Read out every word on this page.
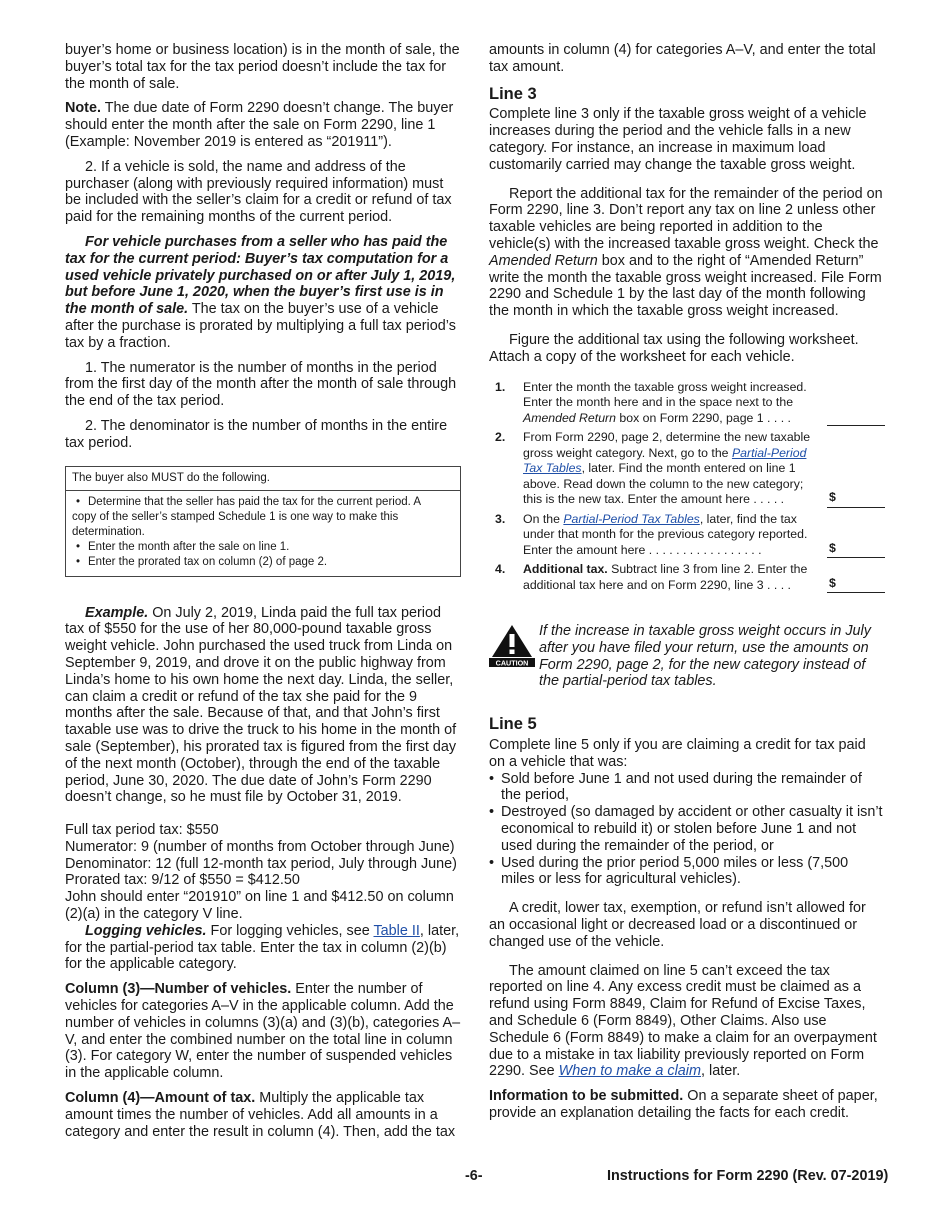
buyer’s home or business location) is in the month of sale, the buyer’s total tax for the tax period doesn’t include the tax for the month of sale.

Note. The due date of Form 2290 doesn’t change. The buyer should enter the month after the sale on Form 2290, line 1 (Example: November 2019 is entered as “201911”).

2. If a vehicle is sold, the name and address of the purchaser (along with previously required information) must be included with the seller’s claim for a credit or refund of tax paid for the remaining months of the current period.

For vehicle purchases from a seller who has paid the tax for the current period: Buyer’s tax computation for a used vehicle privately purchased on or after July 1, 2019, but before June 1, 2020, when the buyer’s first use is in the month of sale. The tax on the buyer’s use of a vehicle after the purchase is prorated by multiplying a full tax period’s tax by a fraction.

1. The numerator is the number of months in the period from the first day of the month after the month of sale through the end of the tax period.

2. The denominator is the number of months in the entire tax period.

The buyer also MUST do the following.
• Determine that the seller has paid the tax for the current period. A
copy of the seller’s stamped Schedule 1 is one way to make this determination.
• Enter the month after the sale on line 1.
• Enter the prorated tax on column (2) of page 2.

Example. On July 2, 2019, Linda paid the full tax period tax of $550 for the use of her 80,000-pound taxable gross weight vehicle. John purchased the used truck from Linda on September 9, 2019, and drove it on the public highway from Linda’s home to his own home the next day. Linda, the seller, can claim a credit or refund of the tax she paid for the 9 months after the sale. Because of that, and that John’s first taxable use was to drive the truck to his home in the month of sale (September), his prorated tax is figured from the first day of the next month (October), through the end of the taxable period, June 30, 2020. The due date of John’s Form 2290 doesn’t change, so he must file by October 31, 2019.

Full tax period tax: $550

Numerator: 9 (number of months from October through June)

Denominator: 12 (full 12-month tax period, July through June)

Prorated tax: 9/12 of $550 = $412.50

John should enter “201910” on line 1 and $412.50 on column (2)(a) in the category V line.

Logging vehicles. For logging vehicles, see Table II, later, for the partial-period tax table. Enter the tax in column (2)(b) for the applicable category.

Column (3)—Number of vehicles. Enter the number of vehicles for categories A–V in the applicable column. Add the number of vehicles in columns (3)(a) and (3)(b), categories A–V, and enter the combined number on the total line in column (3). For category W, enter the number of suspended vehicles in the applicable column.

Column (4)—Amount of tax. Multiply the applicable tax amount times the number of vehicles. Add all amounts in a category and enter the result in column (4). Then, add the tax

amounts in column (4) for categories A–V, and enter the total tax amount.

Line 3

Complete line 3 only if the taxable gross weight of a vehicle increases during the period and the vehicle falls in a new category. For instance, an increase in maximum load customarily carried may change the taxable gross weight.

Report the additional tax for the remainder of the period on Form 2290, line 3. Don’t report any tax on line 2 unless other taxable vehicles are being reported in addition to the vehicle(s) with the increased taxable gross weight. Check the Amended Return box and to the right of “Amended Return” write the month the taxable gross weight increased. File Form 2290 and Schedule 1 by the last day of the month following the month in which the taxable gross weight increased.

Figure the additional tax using the following worksheet. Attach a copy of the worksheet for each vehicle.

1.	Enter the month the taxable gross weight increased. Enter the month here and in the space next to the Amended Return box on Form 2290, page 1 . . . .
2.	From Form 2290, page 2, determine the new taxable gross weight category. Next, go to the Partial-Period Tax Tables, later. Find the month entered on line 1 above. Read down the column to the new category; this is the new tax. Enter the amount here . . . . .	$
3.	On the Partial-Period Tax Tables, later, find the tax under that month for the previous category reported. Enter the amount here . . . . . . . . . . . . . . . . .	$
4.	Additional tax. Subtract line 3 from line 2. Enter the additional tax here and on Form 2290, line 3 . . . .	$
CAUTION

If the increase in taxable gross weight occurs in July after you have filed your return, use the amounts on Form 2290, page 2, for the new category instead of the partial-period tax tables.

Line 5

Complete line 5 only if you are claiming a credit for tax paid on a vehicle that was:

• Sold before June 1 and not used during the remainder of the period,
• Destroyed (so damaged by accident or other casualty it isn’t economical to rebuild it) or stolen before June 1 and not used during the remainder of the period, or
• Used during the prior period 5,000 miles or less (7,500 miles or less for agricultural vehicles).

A credit, lower tax, exemption, or refund isn’t allowed for an occasional light or decreased load or a discontinued or changed use of the vehicle.

The amount claimed on line 5 can’t exceed the tax reported on line 4. Any excess credit must be claimed as a refund using Form 8849, Claim for Refund of Excise Taxes, and Schedule 6 (Form 8849), Other Claims. Also use Schedule 6 (Form 8849) to make a claim for an overpayment due to a mistake in tax liability previously reported on Form 2290. See When to make a claim, later.

Information to be submitted. On a separate sheet of paper, provide an explanation detailing the facts for each credit.

-6-	Instructions for Form 2290 (Rev. 07-2019)
